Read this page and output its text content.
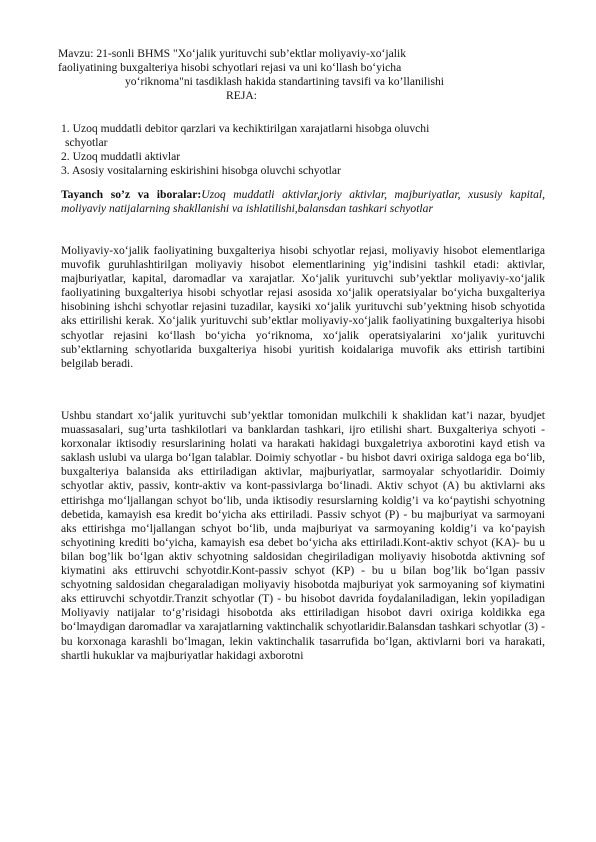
Mavzu: 21-sonli BHMS "Xo‘jalik yurituvchi sub’ektlar moliyaviy-xo‘jalik
faoliyatining buxgalteriya hisobi schyotlari rejasi va uni ko‘llash bo‘yicha
yo‘riknoma"ni tasdiklash hakida standartining tavsifi va ko’llanilishi
REJA:
1. Uzoq muddatli debitor qarzlari va kechiktirilgan xarajatlarni hisobga oluvchi
schyotlar
2. Uzoq muddatli aktivlar
3. Asosiy vositalarning eskirishini hisobga oluvchi schyotlar
Tayanch so’z va iboralar:Uzoq muddatli aktivlar,joriy aktivlar, majburiyatlar, xususiy kapital, moliyaviy natijalarning shakllanishi va ishlatilishi,balansdan tashkari schyotlar

Moliyaviy-xo‘jalik faoliyatining buxgalteriya hisobi schyotlar rejasi, moliyaviy hisobot elementlariga muvofik guruhlashtirilgan moliyaviy hisobot elementlarining yig’indisini tashkil etadi: aktivlar, majburiyatlar, kapital, daromadlar va xarajatlar. Xo‘jalik yurituvchi sub’yektlar moliyaviy-xo‘jalik faoliyatining buxgalteriya hisobi schyotlar rejasi asosida xo‘jalik operatsiyalar bo‘yicha buxgalteriya hisobining ishchi schyotlar rejasini tuzadilar, kaysiki xo‘jalik yurituvchi sub’yektning hisob schyotida aks ettirilishi kerak. Xo‘jalik yurituvchi sub’ektlar moliyaviy-xo‘jalik faoliyatining buxgalteriya hisobi schyotlar rejasini ko‘llash bo‘yicha yo‘riknoma, xo‘jalik operatsiyalarini xo‘jalik yurituvchi sub’ektlarning schyotlarida buxgalteriya hisobi yuritish koidalariga muvofik aks ettirish tartibini belgilab beradi.

Ushbu standart xo‘jalik yurituvchi sub’yektlar tomonidan mulkchili k shaklidan kat’i nazar, byudjet muassasalari, sug’urta tashkilotlari va banklardan tashkari, ijro etilishi shart. Buxgalteriya schyoti - korxonalar iktisodiy resurslarining holati va harakati hakidagi buxgaletriya axborotini kayd etish va saklash uslubi va ularga bo‘lgan talablar. Doimiy schyotlar - bu hisbot davri oxiriga saldoga ega bo‘lib, buxgalteriya balansida aks ettiriladigan aktivlar, majburiyatlar, sarmoyalar schyotlaridir. Doimiy schyotlar aktiv, passiv, kontr-aktiv va kont-passivlarga bo‘linadi. Aktiv schyot (A) bu aktivlarni aks ettirishga mo‘ljallangan schyot bo‘lib, unda iktisodiy resurslarning koldig’i va ko‘paytishi schyotning debetida, kamayish esa kredit bo‘yicha aks ettiriladi. Passiv schyot (P) - bu majburiyat va sarmoyani aks ettirishga mo‘ljallangan schyot bo‘lib, unda majburiyat va sarmoyaning koldig’i va ko‘payish schyotining krediti bo‘yicha, kamayish esa debet bo‘yicha aks ettiriladi.Kont-aktiv schyot (KA)- bu u bilan bog’lik bo‘lgan aktiv schyotning saldosidan chegiriladigan moliyaviy hisobotda aktivning sof kiymatini aks ettiruvchi schyotdir.Kont-passiv schyot (KP) - bu u bilan bog’lik bo‘lgan passiv schyotning saldosidan chegaraladigan moliyaviy hisobotda majburiyat yok sarmoyaning sof kiymatini aks ettiruvchi schyotdir.Tranzit schyotlar (T) - bu hisobot davrida foydalaniladigan, lekin yopiladigan Moliyaviy natijalar to‘g’risidagi hisobotda aks ettiriladigan hisobot davri oxiriga koldikka ega bo‘lmaydigan daromadlar va xarajatlarning vaktinchalik schyotlaridir.Balansdan tashkari schyotlar (3) - bu korxonaga karashli bo‘lmagan, lekin vaktinchalik tasarrufida bo‘lgan, aktivlarni bori va harakati, shartli hukuklar va majburiyatlar hakidagi axborotni
